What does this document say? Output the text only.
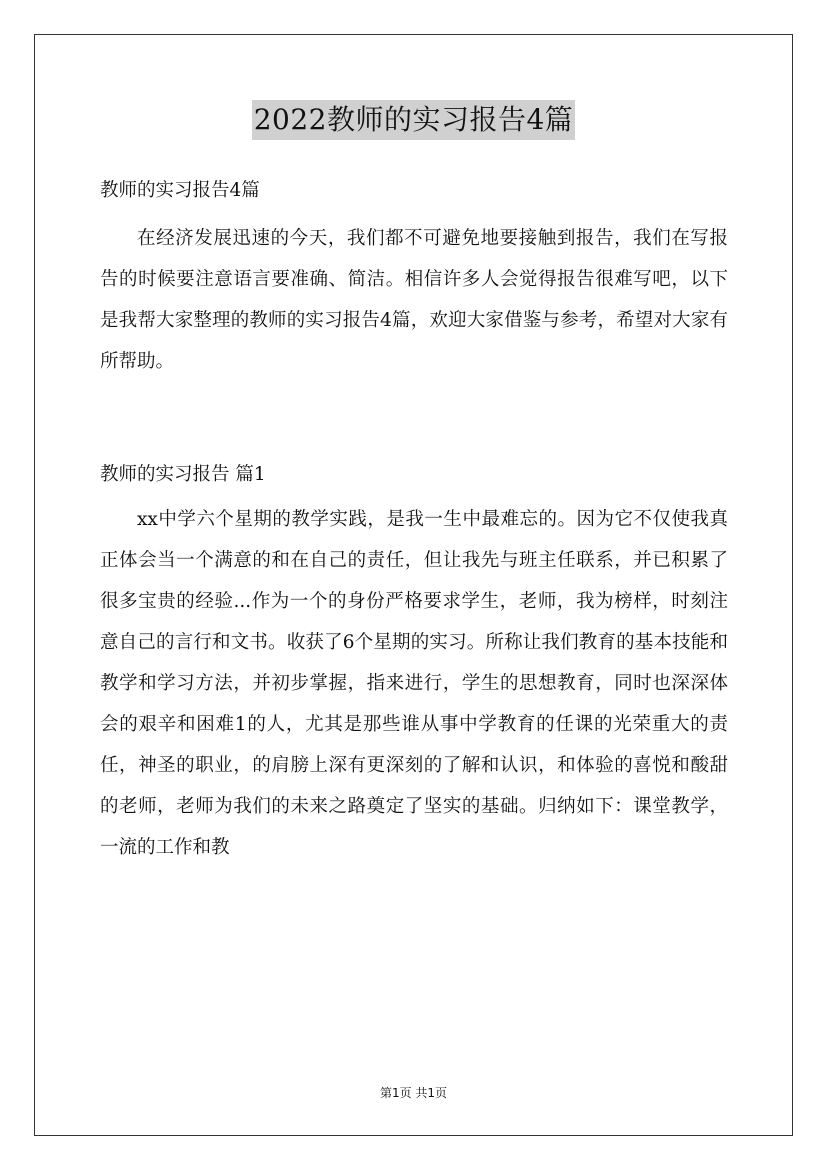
2022教师的实习报告4篇

教师的实习报告4篇

在经济发展迅速的今天，我们都不可避免地要接触到报告，我们在写报告的时候要注意语言要准确、简洁。相信许多人会觉得报告很难写吧，以下是我帮大家整理的教师的实习报告4篇，欢迎大家借鉴与参考，希望对大家有所帮助。

教师的实习报告 篇1

xx中学六个星期的教学实践，是我一生中最难忘的。因为它不仅使我真正体会当一个满意的和在自己的责任，但让我先与班主任联系，并已积累了很多宝贵的经验...作为一个的身份严格要求学生，老师，我为榜样，时刻注意自己的言行和文书。收获了6个星期的实习。所称让我们教育的基本技能和教学和学习方法，并初步掌握，指来进行，学生的思想教育，同时也深深体会的艰辛和困难1的人，尤其是那些谁从事中学教育的任课的光荣重大的责任，神圣的职业，的肩膀上深有更深刻的了解和认识，和体验的喜悦和酸甜的老师，老师为我们的未来之路奠定了坚实的基础。归纳如下：课堂教学，一流的工作和教

第1页 共1页
